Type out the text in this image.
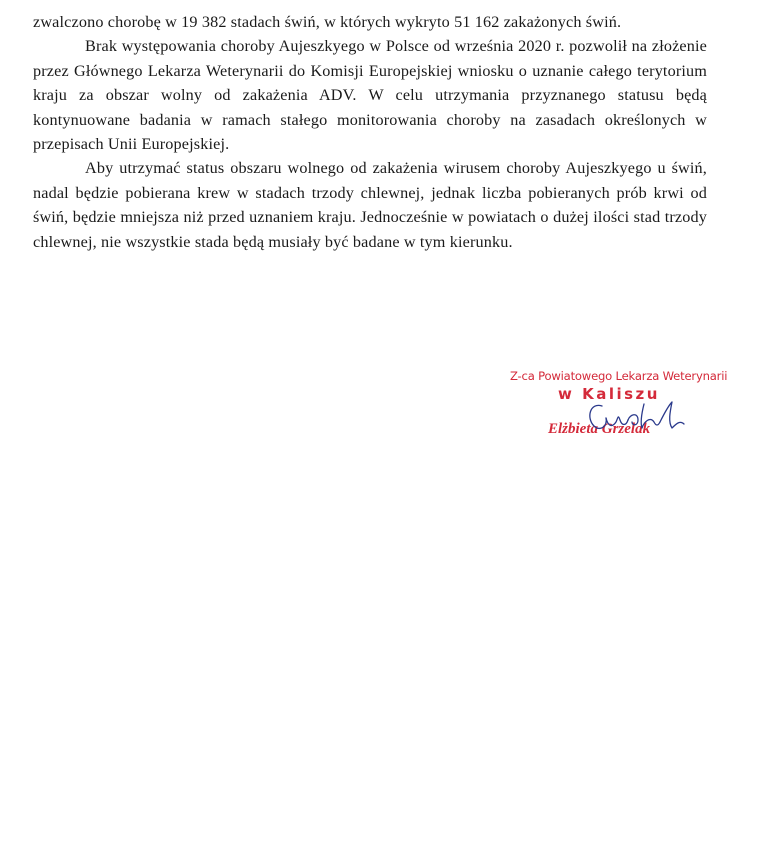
zwalczono chorobę w 19 382 stadach świń, w których wykryto 51 162 zakażonych świń.

Brak występowania choroby Aujeszkyego w Polsce od września 2020 r. pozwolił na złożenie przez Głównego Lekarza Weterynarii do Komisji Europejskiej wniosku o uznanie całego terytorium kraju za obszar wolny od zakażenia ADV. W celu utrzymania przyznanego statusu będą kontynuowane badania w ramach stałego monitorowania choroby na zasadach określonych w przepisach Unii Europejskiej.

Aby utrzymać status obszaru wolnego od zakażenia wirusem choroby Aujeszkyego u świń, nadal będzie pobierana krew w stadach trzody chlewnej, jednak liczba pobieranych prób krwi od świń, będzie mniejsza niż przed uznaniem kraju. Jednocześnie w powiatach o dużej ilości stad trzody chlewnej, nie wszystkie stada będą musiały być badane w tym kierunku.

Z-ca Powiatowego Lekarza Weterynarii
w Kaliszu
Elżbieta Grzelak
